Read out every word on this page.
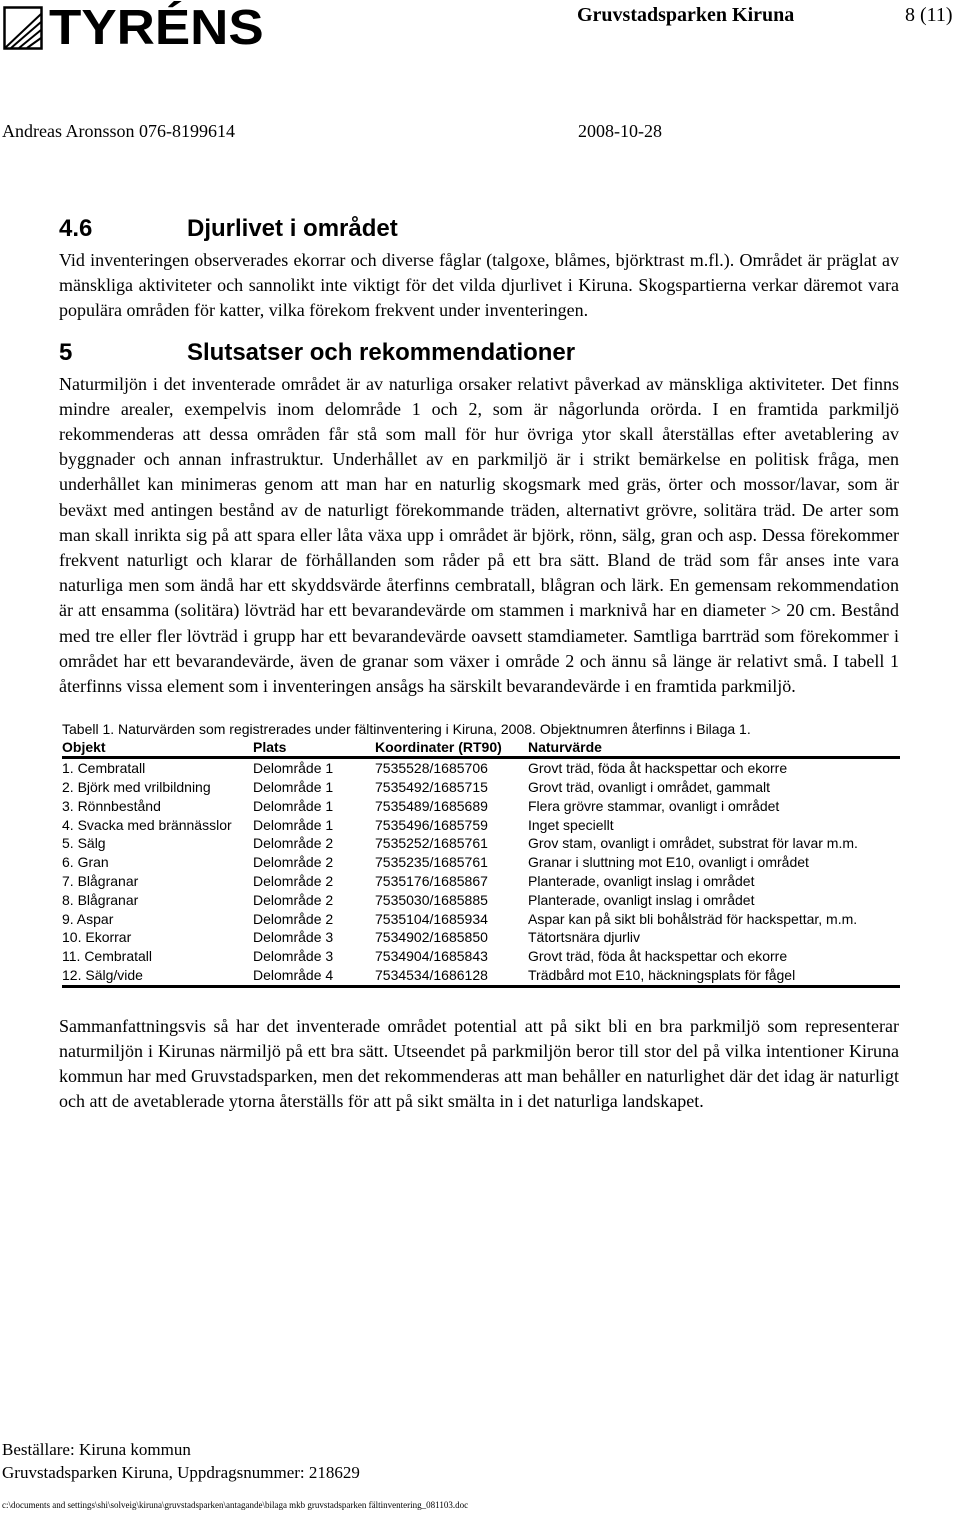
TYRÉNS	Gruvstadsparken Kiruna	8 (11)
Andreas Aronsson 076-8199614	2008-10-28
4.6	Djurlivet i området

Vid inventeringen observerades ekorrar och diverse fåglar (talgoxe, blåmes, björktrast m.fl.). Området är präglat av mänskliga aktiviteter och sannolikt inte viktigt för det vilda djurlivet i Kiruna. Skogspartierna verkar däremot vara populära områden för katter, vilka förekom frekvent under inventeringen.

5	Slutsatser och rekommendationer

Naturmiljön i det inventerade området är av naturliga orsaker relativt påverkad av mänskliga aktiviteter. Det finns mindre arealer, exempelvis inom delområde 1 och 2, som är någorlunda orörda. I en framtida parkmiljö rekommenderas att dessa områden får stå som mall för hur övriga ytor skall återställas efter avetablering av byggnader och annan infrastruktur. Underhållet av en parkmiljö är i strikt bemärkelse en politisk fråga, men underhållet kan minimeras genom att man har en naturlig skogsmark med gräs, örter och mossor/lavar, som är beväxt med antingen bestånd av de naturligt förekommande träden, alternativt grövre, solitära träd. De arter som man skall inrikta sig på att spara eller låta växa upp i området är björk, rönn, sälg, gran och asp. Dessa förekommer frekvent naturligt och klarar de förhållanden som råder på ett bra sätt. Bland de träd som får anses inte vara naturliga men som ändå har ett skyddsvärde återfinns cembratall, blågran och lärk. En gemensam rekommendation är att ensamma (solitära) lövträd har ett bevarandevärde om stammen i marknivå har en diameter > 20 cm. Bestånd med tre eller fler lövträd i grupp har ett bevarandevärde oavsett stamdiameter. Samtliga barrträd som förekommer i området har ett bevarandevärde, även de granar som växer i område 2 och ännu så länge är relativt små. I tabell 1 återfinns vissa element som i inventeringen ansågs ha särskilt bevarandevärde i en framtida parkmiljö.

Tabell 1. Naturvärden som registrerades under fältinventering i Kiruna, 2008. Objektnumren återfinns i Bilaga 1.
Objekt	Plats	Koordinater (RT90)	Naturvärde
1. Cembratall	Delområde 1	7535528/1685706	Grovt träd, föda åt hackspettar och ekorre
2. Björk med vrilbildning	Delområde 1	7535492/1685715	Grovt träd, ovanligt i området, gammalt
3. Rönnbestånd	Delområde 1	7535489/1685689	Flera grövre stammar, ovanligt i området
4. Svacka med brännässlor	Delområde 1	7535496/1685759	Inget speciellt
5. Sälg	Delområde 2	7535252/1685761	Grov stam, ovanligt i området, substrat för lavar m.m.
6. Gran	Delområde 2	7535235/1685761	Granar i sluttning mot E10, ovanligt i området
7. Blågranar	Delområde 2	7535176/1685867	Planterade, ovanligt inslag i området
8. Blågranar	Delområde 2	7535030/1685885	Planterade, ovanligt inslag i området
9. Aspar	Delområde 2	7535104/1685934	Aspar kan på sikt bli bohålsträd för hackspettar, m.m.
10. Ekorrar	Delområde 3	7534902/1685850	Tätortsnära djurliv
11. Cembratall	Delområde 3	7534904/1685843	Grovt träd, föda åt hackspettar och ekorre
12. Sälg/vide	Delområde 4	7534534/1686128	Trädbård mot E10, häckningsplats för fågel

Sammanfattningsvis så har det inventerade området potential att på sikt bli en bra parkmiljö som representerar naturmiljön i Kirunas närmiljö på ett bra sätt. Utseendet på parkmiljön beror till stor del på vilka intentioner Kiruna kommun har med Gruvstadsparken, men det rekommenderas att man behåller en naturlighet där det idag är naturligt och att de avetablerade ytorna återställs för att på sikt smälta in i det naturliga landskapet.

Beställare: Kiruna kommun
Gruvstadsparken Kiruna, Uppdragsnummer: 218629
c:\documents and settings\shi\solveig\kiruna\gruvstadsparken\antagande\bilaga mkb gruvstadsparken fältinventering_081103.doc
